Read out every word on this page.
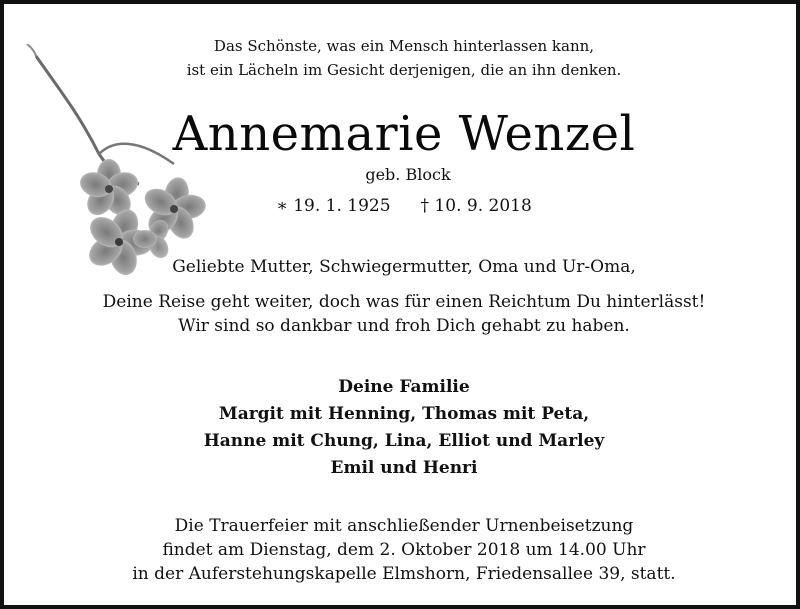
Das Schönste, was ein Mensch hinterlassen kann,
ist ein Lächeln im Gesicht derjenigen, die an ihn denken.
Annemarie Wenzel
geb. Block
∗ 19. 1. 1925 † 10. 9. 2018
Geliebte Mutter, Schwiegermutter, Oma und Ur-Oma,
Deine Reise geht weiter, doch was für einen Reichtum Du hinterlässt!
Wir sind so dankbar und froh Dich gehabt zu haben.
Deine Familie
Margit mit Henning, Thomas mit Peta,
Hanne mit Chung, Lina, Elliot und Marley
Emil und Henri
Die Trauerfeier mit anschließender Urnenbeisetzung
findet am Dienstag, dem 2. Oktober 2018 um 14.00 Uhr
in der Auferstehungskapelle Elmshorn, Friedensallee 39, statt.
